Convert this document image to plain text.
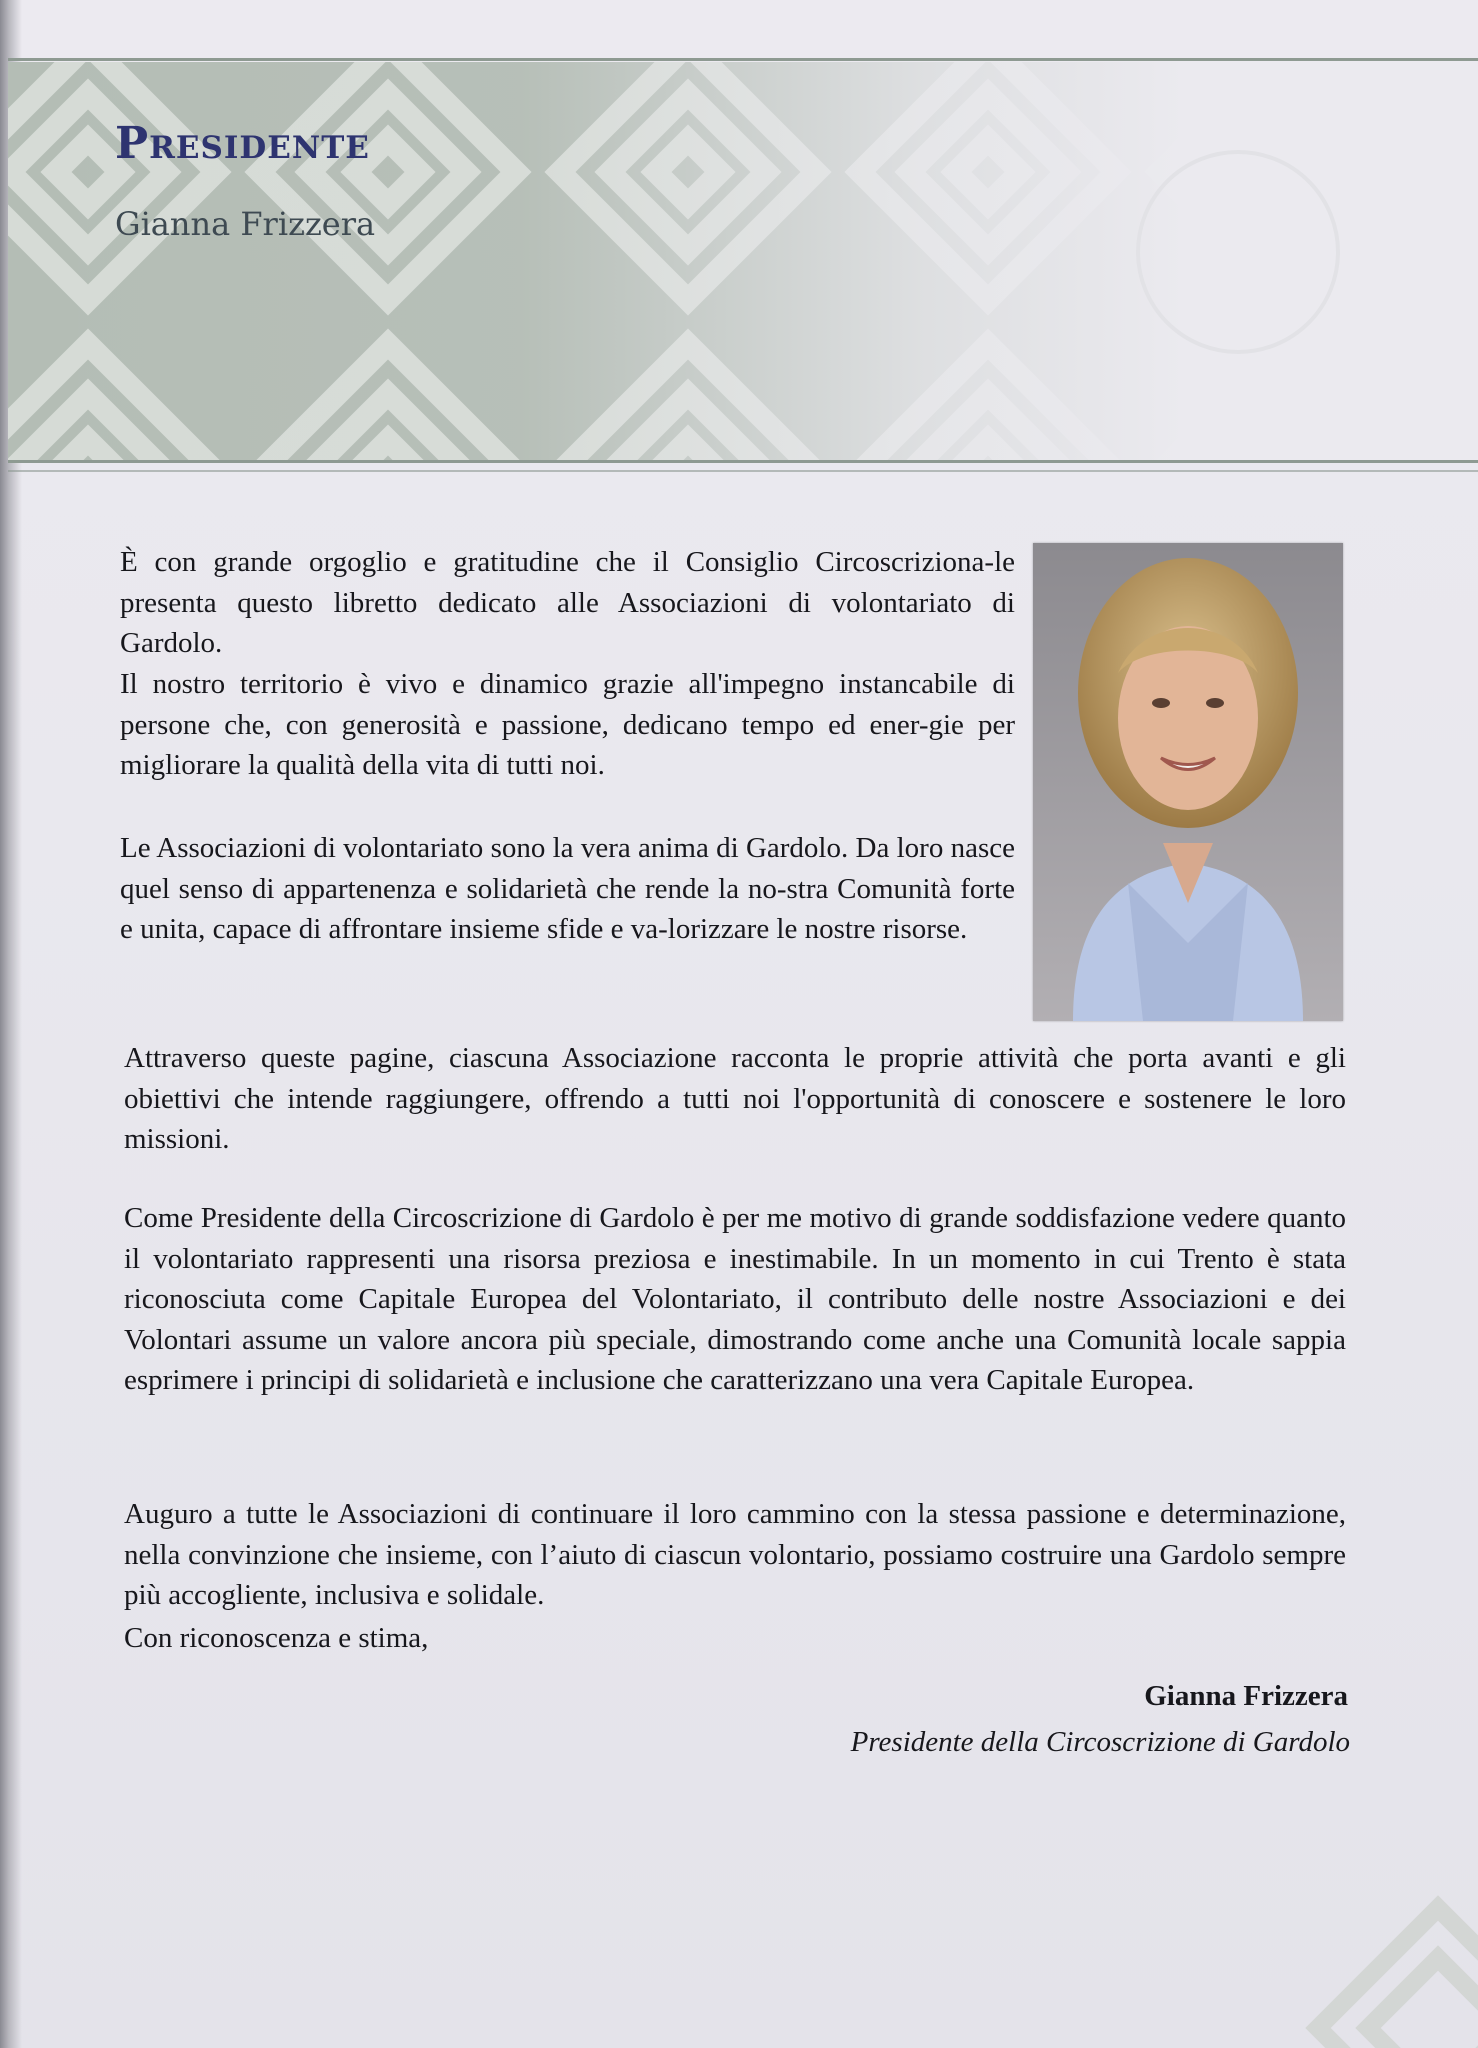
Presidente

Gianna Frizzera

È con grande orgoglio e gratitudine che il Consiglio Circoscriziona-le presenta questo libretto dedicato alle Associazioni di volontariato di Gardolo.

Il nostro territorio è vivo e dinamico grazie all'impegno instancabile di persone che, con generosità e passione, dedicano tempo ed ener-gie per migliorare la qualità della vita di tutti noi.

Le Associazioni di volontariato sono la vera anima di Gardolo. Da loro nasce quel senso di appartenenza e solidarietà che rende la no-stra Comunità forte e unita, capace di affrontare insieme sfide e va-lorizzare le nostre risorse.

Attraverso queste pagine, ciascuna Associazione racconta le proprie attività che porta avanti e gli obiettivi che intende raggiungere, offrendo a tutti noi l'opportunità di conoscere e sostenere le loro missioni.

Come Presidente della Circoscrizione di Gardolo è per me motivo di grande soddisfazione vedere quanto il volontariato rappresenti una risorsa preziosa e inestimabile. In un momento in cui Trento è stata riconosciuta come Capitale Europea del Volontariato, il contributo delle nostre Associazioni e dei Volontari assume un valore ancora più speciale, dimostrando come anche una Comunità locale sappia esprimere i principi di solidarietà e inclusione che caratterizzano una vera Capitale Europea.

Auguro a tutte le Associazioni di continuare il loro cammino con la stessa passione e determinazione, nella convinzione che insieme, con l’aiuto di ciascun volontario, possiamo costruire una Gardolo sempre più accogliente, inclusiva e solidale.

Con riconoscenza e stima,

Gianna Frizzera
Presidente della Circoscrizione di Gardolo
